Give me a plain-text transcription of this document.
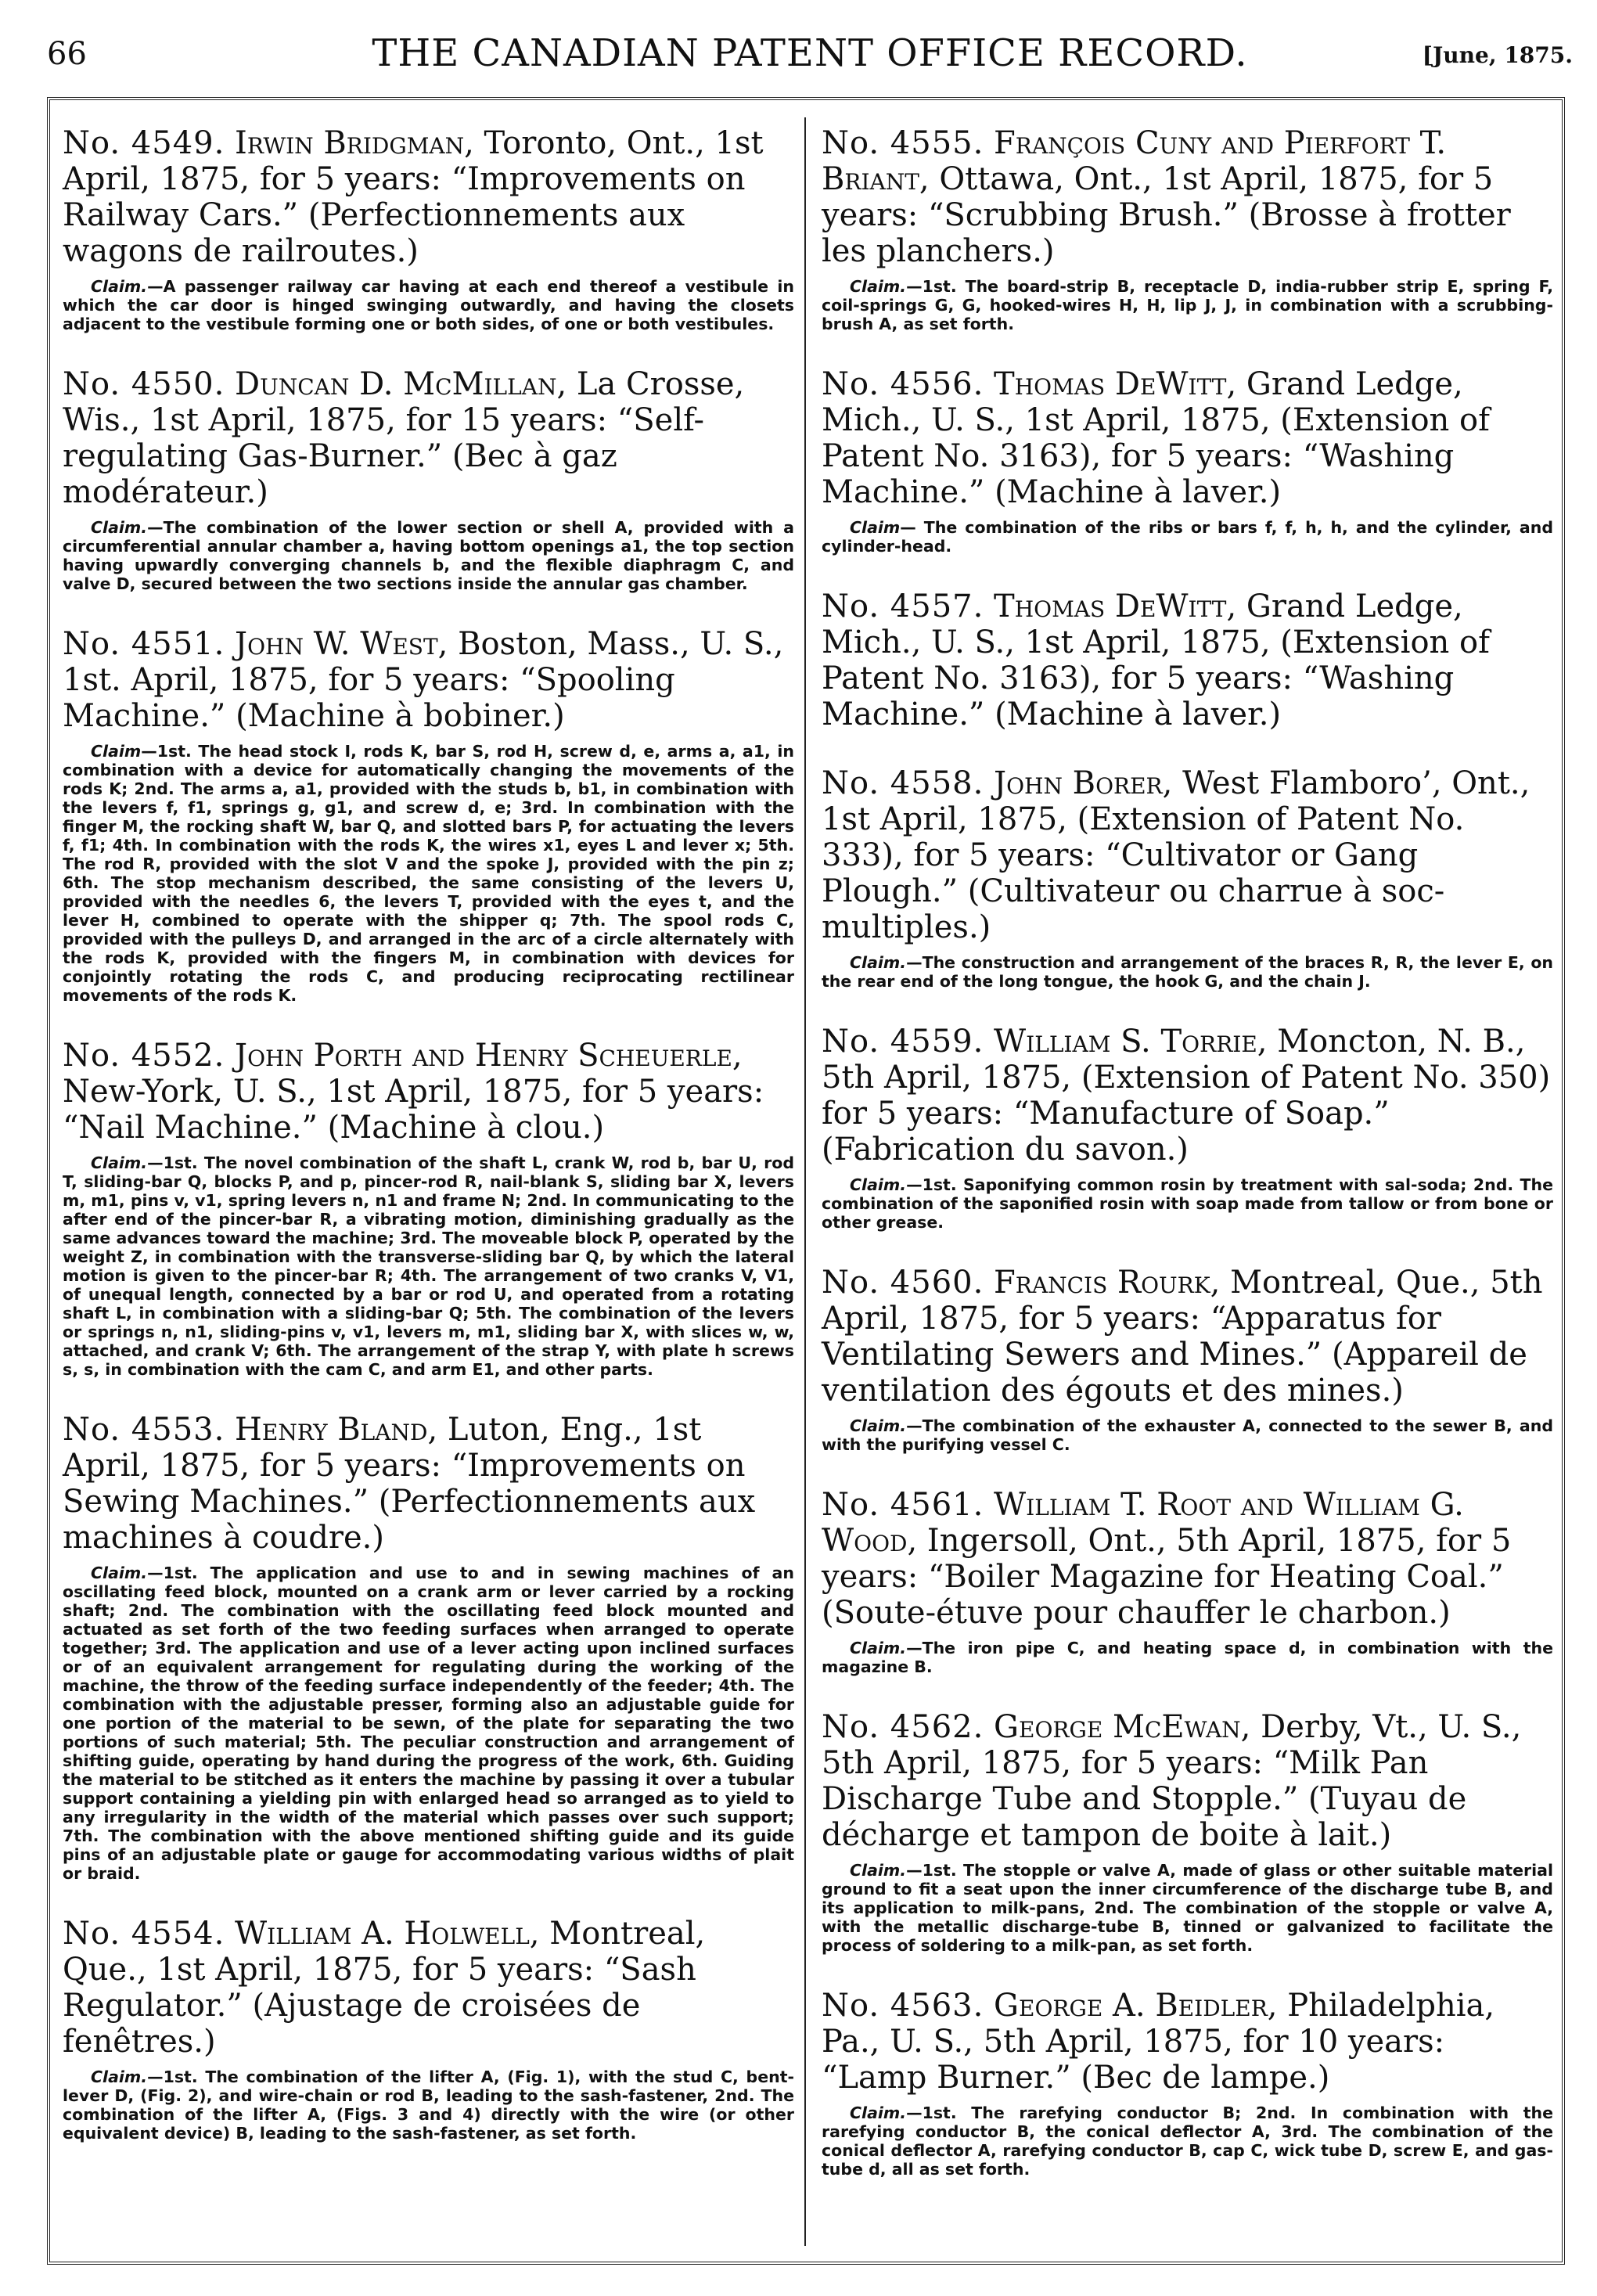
66	THE CANADIAN PATENT OFFICE RECORD.	[June, 1875.

No. 4549. Irwin Bridgman, Toronto, Ont., 1st April, 1875, for 5 years: “Improvements on Railway Cars.” (Perfectionnements aux wagons de railroutes.)

Claim.—A passenger railway car having at each end thereof a vestibule in which the car door is hinged swinging outwardly, and having the closets adjacent to the vestibule forming one or both sides, of one or both vestibules.

No. 4550. Duncan D. McMillan, La Crosse, Wis., 1st April, 1875, for 15 years: “Self-regulating Gas-Burner.” (Bec à gaz modérateur.)

Claim.—The combination of the lower section or shell A, provided with a circumferential annular chamber a, having bottom openings a1, the top section having upwardly converging channels b, and the flexible diaphragm C, and valve D, secured between the two sections inside the annular gas chamber.

No. 4551. John W. West, Boston, Mass., U. S., 1st. April, 1875, for 5 years: “Spooling Machine.” (Machine à bobiner.)

Claim—1st. The head stock I, rods K, bar S, rod H, screw d, e, arms a, a1, in combination with a device for automatically changing the movements of the rods K; 2nd. The arms a, a1, provided with the studs b, b1, in combination with the levers f, f1, springs g, g1, and screw d, e; 3rd. In combination with the finger M, the rocking shaft W, bar Q, and slotted bars P, for actuating the levers f, f1; 4th. In combination with the rods K, the wires x1, eyes L and lever x; 5th. The rod R, provided with the slot V and the spoke J, provided with the pin z; 6th. The stop mechanism described, the same consisting of the levers U, provided with the needles 6, the levers T, provided with the eyes t, and the lever H, combined to operate with the shipper q; 7th. The spool rods C, provided with the pulleys D, and arranged in the arc of a circle alternately with the rods K, provided with the fingers M, in combination with devices for conjointly rotating the rods C, and producing reciprocating rectilinear movements of the rods K.

No. 4552. John Porth and Henry Scheuerle, New-York, U. S., 1st April, 1875, for 5 years: “Nail Machine.” (Machine à clou.)

Claim.—1st. The novel combination of the shaft L, crank W, rod b, bar U, rod T, sliding-bar Q, blocks P, and p, pincer-rod R, nail-blank S, sliding bar X, levers m, m1, pins v, v1, spring levers n, n1 and frame N; 2nd. In communicating to the after end of the pincer-bar R, a vibrating motion, diminishing gradually as the same advances toward the machine; 3rd. The moveable block P, operated by the weight Z, in combination with the transverse-sliding bar Q, by which the lateral motion is given to the pincer-bar R; 4th. The arrangement of two cranks V, V1, of unequal length, connected by a bar or rod U, and operated from a rotating shaft L, in combination with a sliding-bar Q; 5th. The combination of the levers or springs n, n1, sliding-pins v, v1, levers m, m1, sliding bar X, with slices w, w, attached, and crank V; 6th. The arrangement of the strap Y, with plate h screws s, s, in combination with the cam C, and arm E1, and other parts.

No. 4553. Henry Bland, Luton, Eng., 1st April, 1875, for 5 years: “Improvements on Sewing Machines.” (Perfectionnements aux machines à coudre.)

Claim.—1st. The application and use to and in sewing machines of an oscillating feed block, mounted on a crank arm or lever carried by a rocking shaft; 2nd. The combination with the oscillating feed block mounted and actuated as set forth of the two feeding surfaces when arranged to operate together; 3rd. The application and use of a lever acting upon inclined surfaces or of an equivalent arrangement for regulating during the working of the machine, the throw of the feeding surface independently of the feeder; 4th. The combination with the adjustable presser, forming also an adjustable guide for one portion of the material to be sewn, of the plate for separating the two portions of such material; 5th. The peculiar construction and arrangement of shifting guide, operating by hand during the progress of the work, 6th. Guiding the material to be stitched as it enters the machine by passing it over a tubular support containing a yielding pin with enlarged head so arranged as to yield to any irregularity in the width of the material which passes over such support; 7th. The combination with the above mentioned shifting guide and its guide pins of an adjustable plate or gauge for accommodating various widths of plait or braid.

No. 4554. William A. Holwell, Montreal, Que., 1st April, 1875, for 5 years: “Sash Regulator.” (Ajustage de croisées de fenêtres.)

Claim.—1st. The combination of the lifter A, (Fig. 1), with the stud C, bent-lever D, (Fig. 2), and wire-chain or rod B, leading to the sash-fastener, 2nd. The combination of the lifter A, (Figs. 3 and 4) directly with the wire (or other equivalent device) B, leading to the sash-fastener, as set forth.

No. 4555. François Cuny and Pierfort T. Briant, Ottawa, Ont., 1st April, 1875, for 5 years: “Scrubbing Brush.” (Brosse à frotter les planchers.)

Claim.—1st. The board-strip B, receptacle D, india-rubber strip E, spring F, coil-springs G, G, hooked-wires H, H, lip J, J, in combination with a scrubbing-brush A, as set forth.

No. 4556. Thomas DeWitt, Grand Ledge, Mich., U. S., 1st April, 1875, (Extension of Patent No. 3163), for 5 years: “Washing Machine.” (Machine à laver.)

Claim— The combination of the ribs or bars f, f, h, h, and the cylinder, and cylinder-head.

No. 4557. Thomas DeWitt, Grand Ledge, Mich., U. S., 1st April, 1875, (Extension of Patent No. 3163), for 5 years: “Washing Machine.” (Machine à laver.)

No. 4558. John Borer, West Flamboro’, Ont., 1st April, 1875, (Extension of Patent No. 333), for 5 years: “Cultivator or Gang Plough.” (Cultivateur ou charrue à soc-multiples.)

Claim.—The construction and arrangement of the braces R, R, the lever E, on the rear end of the long tongue, the hook G, and the chain J.

No. 4559. William S. Torrie, Moncton, N. B., 5th April, 1875, (Extension of Patent No. 350) for 5 years: “Manufacture of Soap.” (Fabrication du savon.)

Claim.—1st. Saponifying common rosin by treatment with sal-soda; 2nd. The combination of the saponified rosin with soap made from tallow or from bone or other grease.

No. 4560. Francis Rourk, Montreal, Que., 5th April, 1875, for 5 years: “Apparatus for Ventilating Sewers and Mines.” (Appareil de ventilation des égouts et des mines.)

Claim.—The combination of the exhauster A, connected to the sewer B, and with the purifying vessel C.

No. 4561. William T. Root and William G. Wood, Ingersoll, Ont., 5th April, 1875, for 5 years: “Boiler Magazine for Heating Coal.” (Soute-étuve pour chauffer le charbon.)

Claim.—The iron pipe C, and heating space d, in combination with the magazine B.

No. 4562. George McEwan, Derby, Vt., U. S., 5th April, 1875, for 5 years: “Milk Pan Discharge Tube and Stopple.” (Tuyau de décharge et tampon de boite à lait.)

Claim.—1st. The stopple or valve A, made of glass or other suitable material ground to fit a seat upon the inner circumference of the discharge tube B, and its application to milk-pans, 2nd. The combination of the stopple or valve A, with the metallic discharge-tube B, tinned or galvanized to facilitate the process of soldering to a milk-pan, as set forth.

No. 4563. George A. Beidler, Philadelphia, Pa., U. S., 5th April, 1875, for 10 years: “Lamp Burner.” (Bec de lampe.)

Claim.—1st. The rarefying conductor B; 2nd. In combination with the rarefying conductor B, the conical deflector A, 3rd. The combination of the conical deflector A, rarefying conductor B, cap C, wick tube D, screw E, and gas-tube d, all as set forth.
